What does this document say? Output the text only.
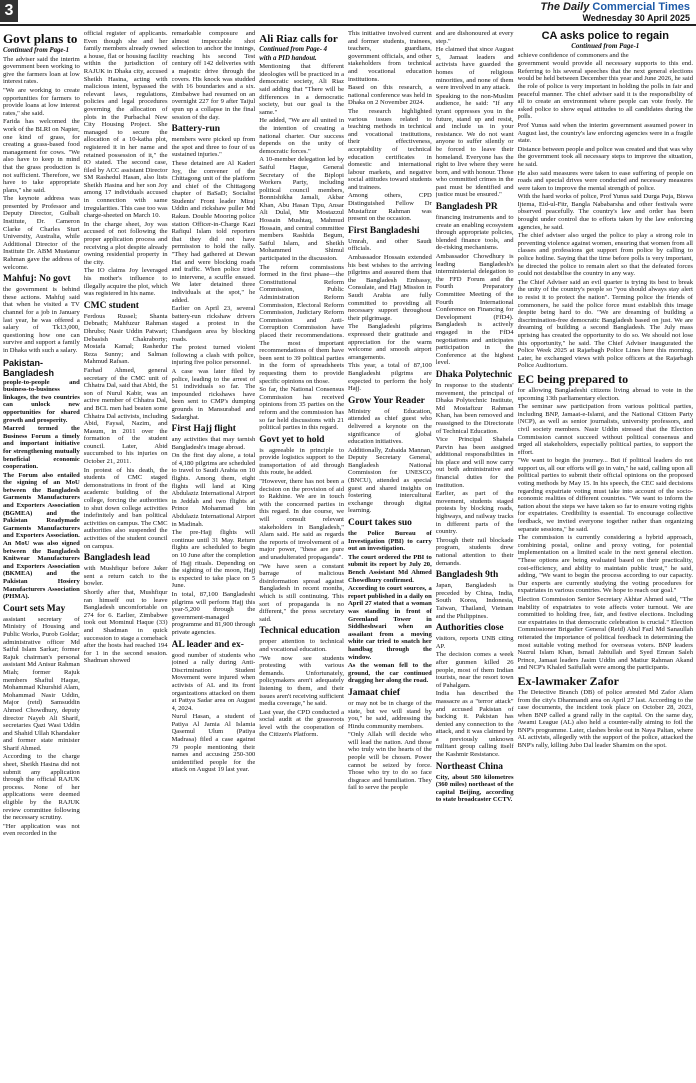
3	The Daily Commercial Times
Wednesday 30 April 2025
Govt plans to
Continued from Page-1

The adviser said the interim government been working to give the farmers loan at low interest rates.

"We are working to create opportunities for farmers to provide loans at low interest rates," she said.

Farida has welcomed the work of the BLRI on Napier, one kind of grass, for creating a grass-based food management for cows. "We also have to keep in mind that the grass production is not sufficient. Therefore, we have to take appropriate plans," she said.

The keynote address was presented by Professor and Deputy Director, Gulbali Institute, Dr. Cameron Clarke of Charles Sturt University, Australia, while Additional Director of the Institute Dr. ABM Mustanur Rahman gave the address of welcome.

Mahfuj: No govt

the government is behind these actions. Mahfuj said that when he visited a TV channel for a job in January last year, he was offered a salary of Tk13,000, questioning how one can survive and support a family in Dhaka with such a salary.

Pakistan-Bangladesh

people-to-people and business-to-business linkages, the two countries can unlock new opportunities for shared growth and prosperity.

Marred termed the Business Forum a timely and important initiative for strengthening mutually beneficial economic cooperation.

The Forum also entailed the signing of an MoU between the Bangladesh Garments Manufacturers and Exporters Association (BGMEA) and the Pakistan Readymade Garments Manufacturers and Exporters Association. An MoU was also signed between the Bangladesh Knitwear Manufacturers and Exporters Association (BKMEA) and the Pakistan Hosiery Manufacturers Association (PHMA).

Court sets May

assistant secretary of Ministry of Housing and Public Works, Purob Goldar; administrative officer Md Saiful Islam Sarkar; former Rajuk chairman's personal assistant Md Anisur Rahman Miah; former Rajuk members Shafiul Haque, Mohammad Khurshid Alam, Mohammad Nasir Uddin, Major (retd) Samsuddin Ahmed Chowdhury, deputy director Nayeb Ali Sharif, secretaries Qazi Wasi Uddin and Shahid Ullah Khandaker and former state minister Sharif Ahmed.

According to the charge sheet, Sheikh Hasina did not submit any application through the official RAJUK process. None of her applications were deemed eligible by the RAJUK review committee following the necessary scrutiny.

"Her application was not even recorded in the

official register of applicants. Even though she and her family members already owned a house, flat or housing facility within the jurisdiction of RAJUK in Dhaka city, accused Sheikh Hasina, acting with malicious intent, bypassed the relevant laws, regulations, policies and legal procedures governing the allocation of plots in the Purbachal New City Housing Project. She managed to secure the allocation of a 10-katha plot, registered it in her name and retained possession of it," the IO stated. The second case, filed by ACC assistant Director SM Rashedul Hasan, also lists Sheikh Hasina and her son Joy among 17 individuals accused in connection with same irregularities. This case too was charge-sheeted on March 10.

In the charge sheet, Joy was accused of not following the proper application process and receiving a plot despite already owning residential property in the city.

The IO claims Joy leveraged his mother's influence to illegally acquire the plot, which was registered in his name.

CMC student

Ferdous Russel; Shanta Debnath; Mahfuzur Rahman Dhrubo; Nasir Uddin Patwari; Debasish Chakraborty; Mostafa Kamal; Rashedur Reza Sunny; and Salman Mahmud Rafsan.

Farhad Ahmed, general secretary of the CMC unit of Chhatra Dal, said that Abid, the son of Nurul Kabir, was an active member of Chhatra Dal, and BCL men had beaten some Chhatra Dal activists, including Abid, Faysal, Nazim, and Masum, in 2011 over the formation of the student council. Later, Abid succumbed to his injuries on October 21, 2011.

In protest of his death, the students of CMC staged demonstrations in front of the academic building of the college, forcing the authorities to shut down college activities indefinitely and ban political activities on campus. The CMC authorities also suspended the activities of the student council on campus.

Bangladesh lead

with Mushfiqur before Jaker sent a return catch to the bowler.

Shortly after that, Mushfiqur ran himself out to leave Bangladesh uncomfortable on 274 for 6. Earlier, Zimbabwe took out Mominul Haque (33) and Shadman in quick succession to stage a comeback after the hosts had reached 194 for 1 in the second session. Shadman showed

remarkable composure and almost impeccable shot selection to anchor the innings, reaching his second Test century off 142 deliveries with a majestic drive through the covers. His knock was studded with 16 boundaries and a six. Zimbabwe had resumed on an overnight 227 for 9 after Taijul spun up a collapse in the final session of the day.

Battery-run

members were picked up from the spot and three to four of us sustained injuries."

These detained are Al Kaderi Joy, the convener of the Chittagong unit of the platform and chief of the Chittagong chapter of BaSaD; Socialist Students' Front leader Miraj Uddin and rickshaw puller Md Rakun. Double Mooring police station Officer-in-Charge Kazi Rafiqul Islam told reporters that they did not have permission to hold the rally. "They had gathered at Dewan Hat and were blocking roads and traffic. When police tried to intervene, a scuffle ensued. We later detained three individuals at the spot," he added.

Earlier on April 23, several battery-run rickshaw drivers staged a protest in the Chandgaon area by blocking roads.

The protest turned violent following a clash with police, injuring five police personnel.

A case was later filed by police, leading to the arrest of 51 individuals so far. The impounded rickshaws have been sent to CMP's dumping grounds in Mansurabad and Sadarghat.

First Hajj flight

any activities that may tarnish Bangladesh's image abroad.

On the first day alone, a total of 4,180 pilgrims are scheduled to travel to Saudi Arabia on 10 flights. Among them, eight flights will land at King Abdulaziz International Airport in Jeddah and two flights at Prince Mohammad bin Abdulaziz International Airport in Madinah.

The pre-Hajj flights will continue until 31 May. Return flights are scheduled to begin on 10 June after the completion of Hajj rituals. Depending on the sighting of the moon, Hajj is expected to take place on 5 June.

In total, 87,100 Bangladeshi pilgrims will perform Hajj this year-5,200 through the government-managed programme and 81,900 through private agencies.

AL leader and ex-

good number of students who joined a rally during Anti-Discrimination Student Movement were injured when activists of AL and its front organizations attacked on them at Pattya Sadar area on August 4, 2024.

Nurul Hasan, a student of Patiya Al Jamia Al Islamia Qasemul Ulum (Patiya Madrasa) filed a case against 79 people mentioning their names and accusing 250-300 unidentified people for the attack on August 19 last year.

Ali Riaz calls for
Continued from Page- 4
with a PID handout.

Mentioning that different ideologies will be practiced in a democratic society, Ali Riaz said adding that "There will be differences in a democratic society, but our goal is the same."

He added, "We are all united in the intention of creating a national charter. Our success depends on the unity of democratic forces."

A 10-member delegation led by Saiful Haque, General Secretary of the Biplopi Workers Party, including political council members, Bonnishikha Jamali, Akbar Khan, Abu Hasan Tipu, Ansar Ali Dulal, Mir Mostazzul Hossain Mushtaq, Mahmud Hossain, and central committee members Rashida Begum, Saiful Islam, and Sheikh Mohammed Shimul participated in the discussion.

The reform commissions formed in the first phase—the Constitutional Reform Commission, Public Administration Reform Commission, Electoral Reform Commission, Judiciary Reform Commission and Anti-Corruption Commission have placed their recommendations. The most important recommendations of them have been sent to 39 political parties in the form of spreadsheets requesting them to provide specific opinions on those.

So far, the National Consensus Commission has received opinions from 35 parties on the reform and the commission has so far held discussions with 21 political parties in this regard.

Govt yet to hold

is agreeable in principle to provide logistics support to the transportation of aid through this route, he added.

"However, there has not been a decision on the provision of aid to Rakhine. We are in touch with the concerned parties in this regard. In due course, we will consult relevant stakeholders in Bangladesh," Alam said. He said as regards the reports of involvement of a major power, "these are pure and unadulterated propaganda".

"We have seen a constant barrage of malicious disinformation spread against Bangladesh in recent months, which is still continuing. This sort of propaganda is no different," the press secretary said.

Technical education

proper attention to technical and vocational education.

"We now see students protesting with various demands. Unfortunately, policymakers aren't adequately listening to them, and their issues aren't receiving sufficient media coverage," he said.

Last year, the CPD conducted a social audit at the grassroots level with the cooperation of the Citizen's Platform.

This initiative involved current and former students, trainees, teachers, guardians, government officials, and other stakeholders from technical and vocational education institutions.

Based on this research, a national conference was held in Dhaka on 2 November 2024.

The research highlighted various issues related to teaching methods in technical and vocational institutions, their effectiveness, acceptability of technical education certificates in domestic and international labour markets, and negative social attitudes toward students and trainees.

Among others, CPD Distinguished Fellow Dr Mustafizur Rahman was present on the occasion.

First Bangladeshi

Umrah, and other Saudi officials.

Ambassador Hossain extended his best wishes to the arriving pilgrims and assured them that the Bangladesh Embassy, Consulate, and Hajj Mission in Saudi Arabia are fully committed to providing all necessary support throughout their pilgrimage.

The Bangladeshi pilgrims expressed their gratitude and appreciation for the warm welcome and smooth airport arrangements.

This year, a total of 87,100 Bangladeshi pilgrims are expected to perform the holy Hajj.

Grow Your Reader

Ministry of Education, attended as chief guest who delivered a keynote on the significance of global education initiatives.

Additionally, Zubaida Mannan, Deputy Secretary General, Bangladesh National Commission for UNESCO (BNCU), attended as special guest and shared insights on fostering intercultural exchange through digital learning.

Court takes suo

the Police Bureau of Investigation (PBI) to carry out an investigation.

The court ordered the PBI to submit its report by July 20, Bench Assistant Md Ahmed Chowdhury confirmed.

According to court sources, a report published in a daily on April 27 stated that a woman was standing in front of Greenland Tower in Siddheshwari when an assailant from a moving white car tried to snatch her handbag through the window.

As the woman fell to the ground, the car continued dragging her along the road.

Jamaat chief

or may not be in charge of the state, but we will stand by you," he said, addressing the Hindu community members.

"Only Allah will decide who will lead the nation. And those who truly win the hearts of the people will be chosen. Power cannot be seized by force. Those who try to do so face disgrace and humiliation. They fail to serve the people

and are dishonoured at every step."

He claimed that since August 5, Jamaat leaders and activists have guarded the homes of religious minorities, and none of them were involved in any attack.

Speaking to the non-Muslim audience, he said: "If any tyrant oppresses you in the future, stand up and resist, and include us in your resistance. We do not want anyone to suffer silently or be forced to leave their homeland. Everyone has the right to live where they were born, and with honour. Those who committed crimes in the past must be identified and justice must be ensured."

Bangladesh PR

financing instruments and to create an enabling ecosystem through appropriate policies, blended finance tools, and de-risking mechanisms.

Ambassador Chowdhury is leading Bangladesh's interministerial delegation to the FFD Forum and the Fourth Preparatory Committee Meeting of the Fourth International Conference on Financing for Development (FfD4). Bangladesh is actively engaged in the FfD4 negotiations and anticipates participation in the Conference at the highest level.

Dhaka Polytechnic

In response to the students' movement, the principal of Dhaka Polytechnic Institute, Md Mostafizur Rahman Khan, has been removed and reassigned to the Directorate of Technical Education.

Vice Principal Shahela Parvin has been assigned additional responsibilities in his place and will now carry out both administrative and financial duties for the institution.

Earlier, as part of the movement, students staged protests by blocking roads, highways, and railway tracks in different parts of the country.

Through their rail blockade program, students drew national attention to their demands.

Bangladesh 9th

Japan, Bangladesh is preceded by China, India, South Korea, Indonesia, Taiwan, Thailand, Vietnam and the Philippines.

Authorities close

visitors, reports UNB citing AP.

The decision comes a week after gunmen killed 26 people, most of them Indian tourists, near the resort town of Pahalgam.

India has described the massacre as a "terror attack" and accused Pakistan of backing it. Pakistan has denied any connection to the attack, and it was claimed by a previously unknown militant group calling itself the Kashmir Resistance.

Northeast China

City, about 580 kilometres (360 miles) northeast of the capital Beijing, according to state broadcaster CCTV.

CA asks police to regain
Continued from Page-1

achieve confidence of commoners and the

government would provide all necessary supports to this end. Referring to his several speeches that the next general elections would be held between December this year and June 2026, he said the role of police is very important in holding the polls in fair and peaceful manner. The chief adviser said it is the responsibility of all to create an environment where people can vote freely. He asked police to show equal attitudes to all candidates during the polls.

Prof Yunus said when the interim government assumed power in August last, the country's law enforcing agencies were in a fragile state.

Distance between people and police was created and that was why the government took all necessary steps to improve the situation, he said.

He also said measures were taken to ease suffering of people on roads and special drives were conducted and necessary measures were taken to improve the mental strength of police.

With the hard works of police, Prof Yunus said Durga Puja, Biswa Ijtema, Eid-ul-Fitr, Bangla Nababarsha and other festivals were observed peacefully. The country's law and order has been brought under control due to efforts taken by the law enforcing agencies, he said.

The chief adviser also urged the police to play a strong role in preventing violence against women, ensuring that women from all classes and professions get support from police by calling to police hotline. Saying that the time before polls is very important, he directed the police to remain alert so that the defeated forces could not destabilise the country in any way.

The Chief Adviser said an evil quarter is trying its best to break the unity of the country's people so "you should always stay alert to resist it to protect the nation". Terming police the friends of commoners, he said the police force must establish this image despite being hard to do. "We are dreaming of building a discrimination-free democratic Bangladesh based on just. We are dreaming of building a second Bangladesh. The July mass uprising has created the opportunity to do so. We should not lose this opportunity," he said. The Chief Adviser inaugurated the Police Week 2025 at Rajarbagh Police Lines here this morning. Later, he exchanged views with police officers at the Rajarbagh Police Auditorium.

EC being prepared to

for allowing Bangladeshi citizens living abroad to vote in the upcoming 13th parliamentary election.

The seminar saw participation from various political parties, including BNP, Jamaat-e-Islami, and the National Citizen Party (NCP), as well as senior journalists, university professors, and civil society members. Nasir Uddin stressed that the Election Commission cannot succeed without political consensus and urged all stakeholders, especially political parties, to support the effort.

"We want to begin the journey... But if political leaders do not support us, all our efforts will go in vain," he said, calling upon all political parties to submit their official opinions on the proposed voting methods by May 15. In his speech, the CEC said decisions regarding expatriate voting must take into account of the socio-economic realities of different countries. "We want to inform the nation about the steps we have taken so far to ensure voting rights for expatriates. Credibility is essential. To encourage collective feedback, we invited everyone together rather than organizing separate sessions," he said.

The commission is currently considering a hybrid approach, combining postal, online and proxy voting, for potential implementation on a limited scale in the next general election. "These options are being evaluated based on their practicality, cost-efficiency, and ability to maintain public trust," he said, adding, "We want to begin the process according to our capacity. Our experts are currently studying the voting procedures for expatriates in various countries. We hope to reach our goal."

Election Commission Senior Secretary Akhtar Ahmed said, "The inability of expatriates to vote affects voter turnout. We are committed to holding free, fair, and festive elections. Including our expatriates in that democratic celebration is crucial." Election Commissioner Brigadier General (Retd) Abul Fazl Md Sanaullah reiterated the importance of political feedback in determining the most suitable voting method for overseas voters. BNP leaders Nazrul Islam Khan, Ismail Jabiullah and Syed Emran Saleh Prince, Jamaat leaders Jasim Uddin and Matiur Rahman Akand and NCP's Khaled Saifullah were among the participants.

Ex-lawmaker Zafor

The Detective Branch (DB) of police arrested Md Zafor Alam from the city's Dhanmandi area on April 27 last. According to the case documents, the incident took place on October 28, 2023, when BNP called a grand rally in the capital. On the same day, Awami League (AL) also held a counter-rally aiming to foil the BNP's programme. Later, clashes broke out in Naya Paltan, where AL activists, allegedly with the support of the police, attacked the BNP's rally, killing Jubo Dal leader Shamim on the spot.
